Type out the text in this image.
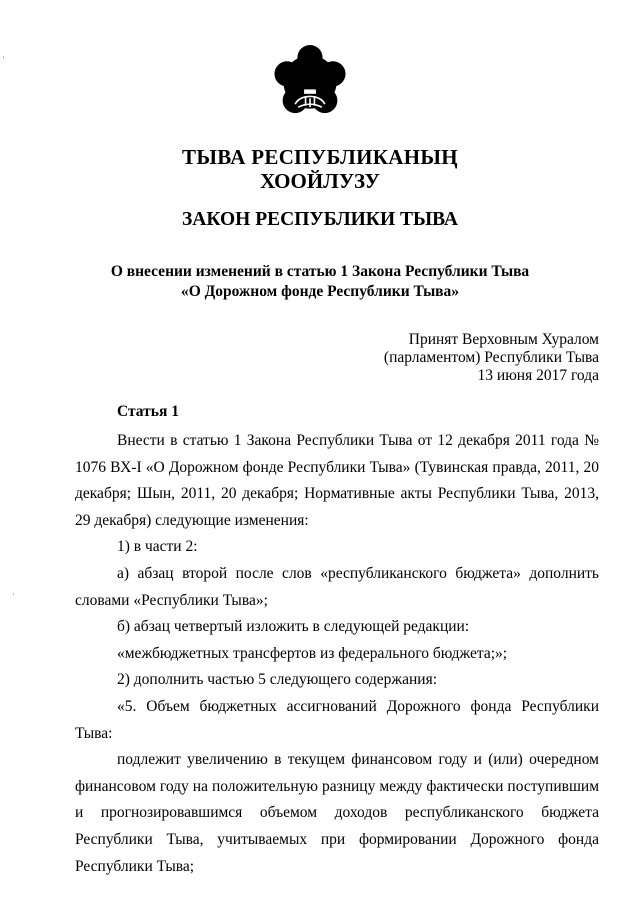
ТЫВА РЕСПУБЛИКАНЫҢ
ХООЙЛУЗУ
ЗАКОН РЕСПУБЛИКИ ТЫВА
О внесении изменений в статью 1 Закона Республики Тыва
«О Дорожном фонде Республики Тыва»
Принят Верховным Хуралом
(парламентом) Республики Тыва
13 июня 2017 года
Статья 1
Внести в статью 1 Закона Республики Тыва от 12 декабря 2011 года № 1076 ВХ-I «О Дорожном фонде Республики Тыва» (Тувинская правда, 2011, 20 декабря; Шын, 2011, 20 декабря; Нормативные акты Республики Тыва, 2013, 29 декабря) следующие изменения:
1) в части 2:
а) абзац второй после слов «республиканского бюджета» дополнить словами «Республики Тыва»;
б) абзац четвертый изложить в следующей редакции:
«межбюджетных трансфертов из федерального бюджета;»;
2) дополнить частью 5 следующего содержания:
«5. Объем бюджетных ассигнований Дорожного фонда Республики Тыва:
подлежит увеличению в текущем финансовом году и (или) очередном финансовом году на положительную разницу между фактически поступившим и прогнозировавшимся объемом доходов республиканского бюджета Республики Тыва, учитываемых при формировании Дорожного фонда Республики Тыва;
'
·
